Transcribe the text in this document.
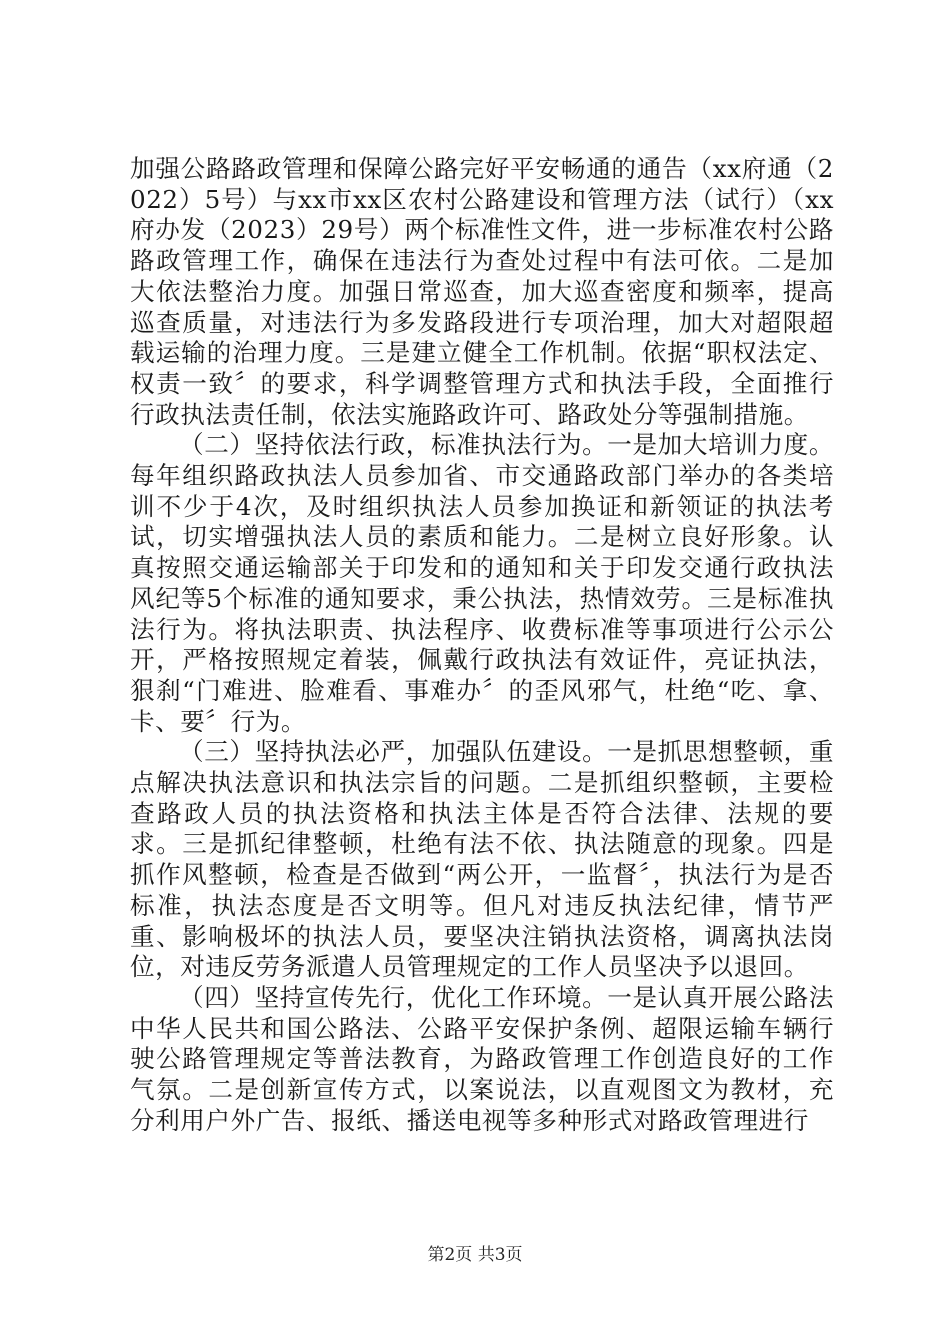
加强公路路政管理和保障公路完好平安畅通的通告（xx府通（2022）5号）与xx市xx区农村公路建设和管理方法（试行）（xx府办发（2023）29号）两个标准性文件，进一步标准农村公路路政管理工作，确保在违法行为查处过程中有法可依。二是加大依法整治力度。加强日常巡查，加大巡查密度和频率，提高巡查质量，对违法行为多发路段进行专项治理，加大对超限超载运输的治理力度。三是建立健全工作机制。依据“职权法定、权责一致〞的要求，科学调整管理方式和执法手段，全面推行行政执法责任制，依法实施路政许可、路政处分等强制措施。

（二）坚持依法行政，标准执法行为。一是加大培训力度。每年组织路政执法人员参加省、市交通路政部门举办的各类培训不少于4次，及时组织执法人员参加换证和新领证的执法考试，切实增强执法人员的素质和能力。二是树立良好形象。认真按照交通运输部关于印发和的通知和关于印发交通行政执法风纪等5个标准的通知要求，秉公执法，热情效劳。三是标准执法行为。将执法职责、执法程序、收费标准等事项进行公示公开，严格按照规定着装，佩戴行政执法有效证件，亮证执法，狠刹“门难进、脸难看、事难办〞的歪风邪气，杜绝“吃、拿、卡、要〞行为。

（三）坚持执法必严，加强队伍建设。一是抓思想整顿，重点解决执法意识和执法宗旨的问题。二是抓组织整顿，主要检查路政人员的执法资格和执法主体是否符合法律、法规的要求。三是抓纪律整顿，杜绝有法不依、执法随意的现象。四是抓作风整顿，检查是否做到“两公开，一监督〞，执法行为是否标准，执法态度是否文明等。但凡对违反执法纪律，情节严重、影响极坏的执法人员，要坚决注销执法资格，调离执法岗位，对违反劳务派遣人员管理规定的工作人员坚决予以退回。

（四）坚持宣传先行，优化工作环境。一是认真开展公路法中华人民共和国公路法、公路平安保护条例、超限运输车辆行驶公路管理规定等普法教育，为路政管理工作创造良好的工作气氛。二是创新宣传方式，以案说法，以直观图文为教材，充分利用户外广告、报纸、播送电视等多种形式对路政管理进行

第2页 共3页
